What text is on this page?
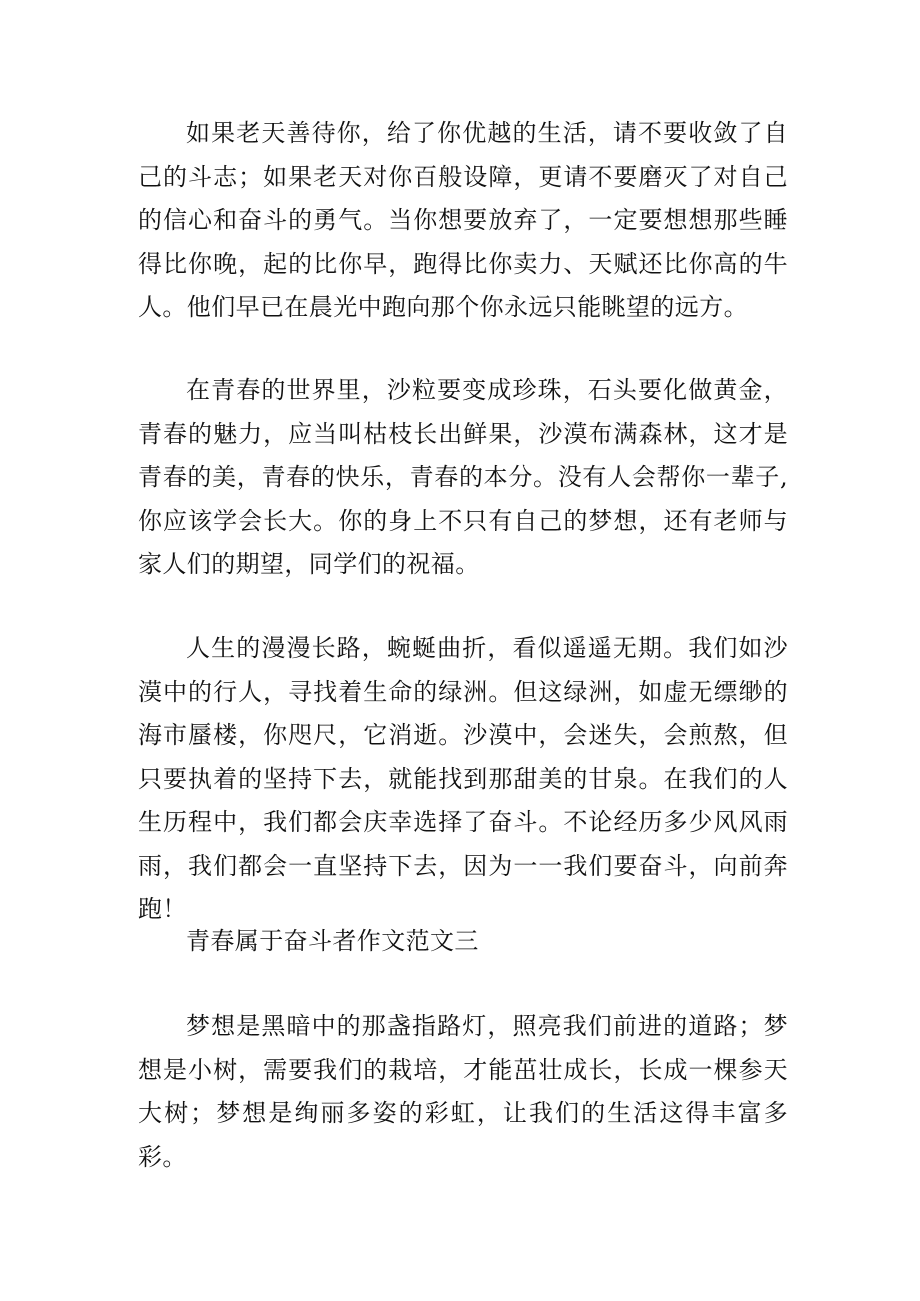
如果老天善待你，给了你优越的生活，请不要收敛了自己的斗志；如果老天对你百般设障，更请不要磨灭了对自己的信心和奋斗的勇气。当你想要放弃了，一定要想想那些睡得比你晚，起的比你早，跑得比你卖力、天赋还比你高的牛人。他们早已在晨光中跑向那个你永远只能眺望的远方。

在青春的世界里，沙粒要变成珍珠，石头要化做黄金，青春的魅力，应当叫枯枝长出鲜果，沙漠布满森林，这才是青春的美，青春的快乐，青春的本分。没有人会帮你一辈子,你应该学会长大。你的身上不只有自己的梦想，还有老师与家人们的期望，同学们的祝福。

人生的漫漫长路，蜿蜒曲折，看似遥遥无期。我们如沙漠中的行人，寻找着生命的绿洲。但这绿洲，如虚无缥缈的海市蜃楼，你咫尺，它消逝。沙漠中，会迷失，会煎熬，但只要执着的坚持下去，就能找到那甜美的甘泉。在我们的人生历程中，我们都会庆幸选择了奋斗。不论经历多少风风雨雨，我们都会一直坚持下去，因为一一我们要奋斗，向前奔跑！

青春属于奋斗者作文范文三

梦想是黑暗中的那盏指路灯，照亮我们前进的道路；梦想是小树，需要我们的栽培，才能茁壮成长，长成一棵参天大树；梦想是绚丽多姿的彩虹，让我们的生活这得丰富多彩。
